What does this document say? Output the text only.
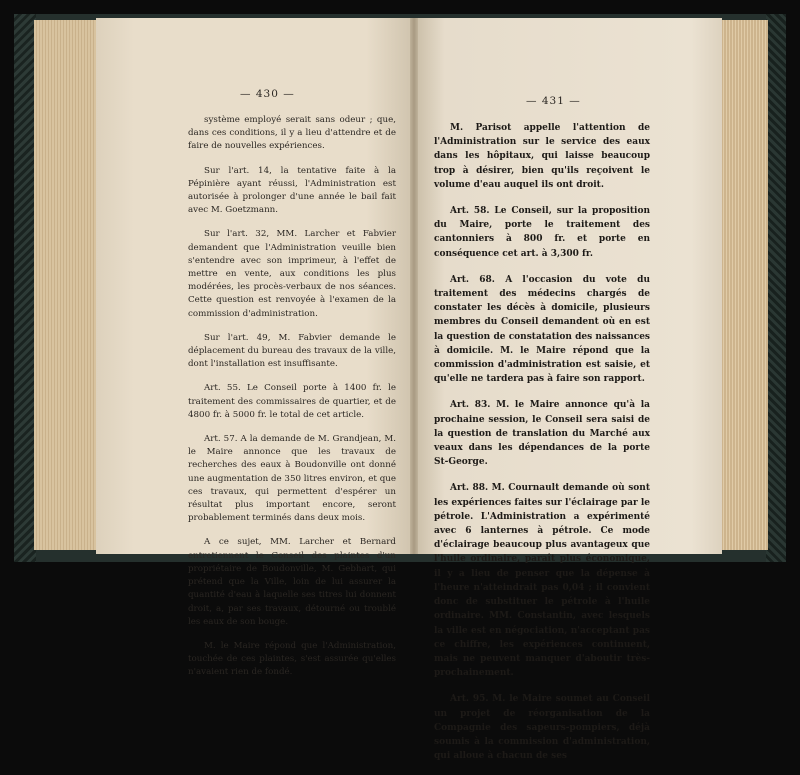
— 430 —

système employé serait sans odeur ; que, dans ces conditions, il y a lieu d'attendre et de faire de nouvelles expériences.

Sur l'art. 14, la tentative faite à la Pépinière ayant réussi, l'Administration est autorisée à prolonger d'une année le bail fait avec M. Goetzmann.

Sur l'art. 32, MM. Larcher et Fabvier demandent que l'Administration veuille bien s'entendre avec son imprimeur, à l'effet de mettre en vente, aux conditions les plus modérées, les procès-verbaux de nos séances. Cette question est renvoyée à l'examen de la commission d'administration.

Sur l'art. 49, M. Fabvier demande le déplacement du bureau des travaux de la ville, dont l'installation est insuffisante.

Art. 55. Le Conseil porte à 1400 fr. le traitement des commissaires de quartier, et de 4800 fr. à 5000 fr. le total de cet article.

Art. 57. A la demande de M. Grandjean, M. le Maire annonce que les travaux de recherches des eaux à Boudonville ont donné une augmentation de 350 litres environ, et que ces travaux, qui permettent d'espérer un résultat plus important encore, seront probablement terminés dans deux mois.

A ce sujet, MM. Larcher et Bernard entretiennent le Conseil des plaintes d'un propriétaire de Boudonville, M. Gebhart, qui prétend que la Ville, loin de lui assurer la quantité d'eau à laquelle ses titres lui donnent droit, a, par ses travaux, détourné ou troublé les eaux de son bouge.

M. le Maire répond que l'Administration, touchée de ces plaintes, s'est assurée qu'elles n'avaient rien de fondé.

— 431 —

M. Parisot appelle l'attention de l'Administration sur le service des eaux dans les hôpitaux, qui laisse beaucoup trop à désirer, bien qu'ils reçoivent le volume d'eau auquel ils ont droit.

Art. 58. Le Conseil, sur la proposition du Maire, porte le traitement des cantonniers à 800 fr. et porte en conséquence cet art. à 3,300 fr.

Art. 68. A l'occasion du vote du traitement des médecins chargés de constater les décès à domicile, plusieurs membres du Conseil demandent où en est la question de constatation des naissances à domicile. M. le Maire répond que la commission d'administration est saisie, et qu'elle ne tardera pas à faire son rapport.

Art. 83. M. le Maire annonce qu'à la prochaine session, le Conseil sera saisi de la question de translation du Marché aux veaux dans les dépendances de la porte St-George.

Art. 88. M. Cournault demande où sont les expériences faites sur l'éclairage par le pétrole. L'Administration a expérimenté avec 6 lanternes à pétrole. Ce mode d'éclairage beaucoup plus avantageux que l'huile ordinaire, paraît plus économique, il y a lieu de penser que la dépense à l'heure n'atteindrait pas 0,04 ; il convient donc de substituer le pétrole à l'huile ordinaire. MM. Constantin, avec lesquels la ville est en négociation, n'acceptant pas ce chiffre, les expériences continuent, mais ne peuvent manquer d'aboutir très-prochainement.

Art. 95. M. le Maire soumet au Conseil un projet de réorganisation de la Compagnie des sapeurs-pompiers, déjà soumis à la commission d'administration, qui alloue à chacun de ses
